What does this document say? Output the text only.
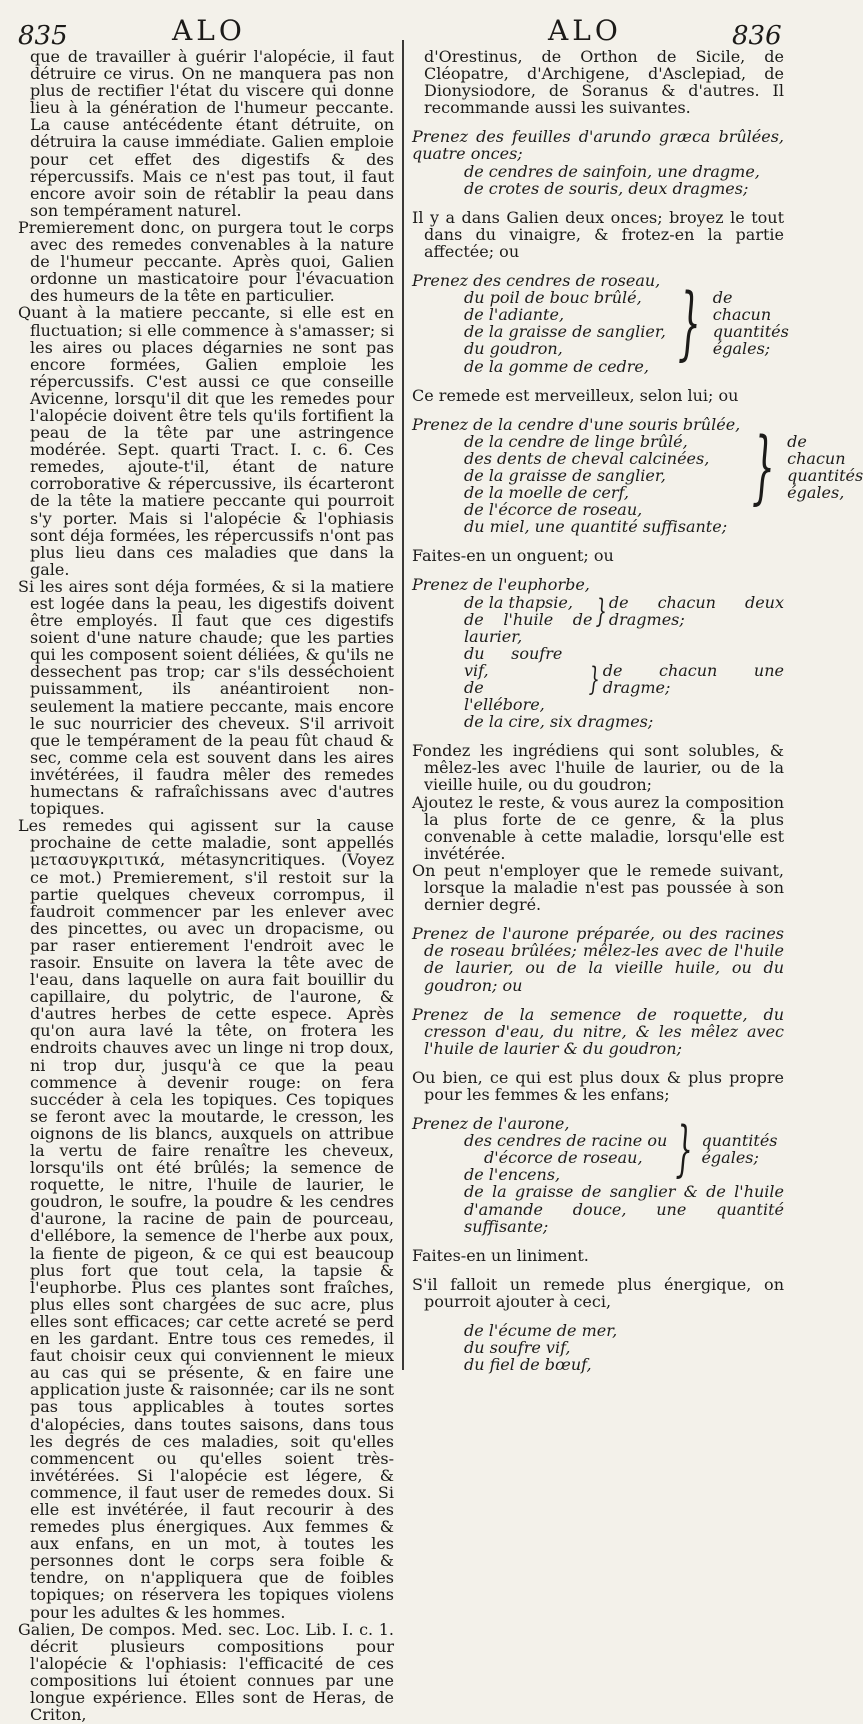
835	ALO	ALO	836

que de travailler à guérir l'alopécie, il faut détruire ce virus. On ne manquera pas non plus de rectifier l'état du viscere qui donne lieu à la génération de l'humeur peccante. La cause antécédente étant détruite, on détruira la cause immédiate. Galien emploie pour cet effet des digestifs & des répercussifs. Mais ce n'est pas tout, il faut encore avoir soin de rétablir la peau dans son tempérament naturel.

Premierement donc, on purgera tout le corps avec des remedes convenables à la nature de l'humeur peccante. Après quoi, Galien ordonne un masticatoire pour l'évacuation des humeurs de la tête en particulier.

Quant à la matiere peccante, si elle est en fluctuation; si elle commence à s'amasser; si les aires ou places dégarnies ne sont pas encore formées, Galien emploie les répercussifs. C'est aussi ce que conseille Avicenne, lorsqu'il dit que les remedes pour l'alopécie doivent être tels qu'ils fortifient la peau de la tête par une astringence modérée. Sept. quarti Tract. I. c. 6. Ces remedes, ajoute-t'il, étant de nature corroborative & répercussive, ils écarteront de la tête la matiere peccante qui pourroit s'y porter. Mais si l'alopécie & l'ophiasis sont déja formées, les répercussifs n'ont pas plus lieu dans ces maladies que dans la gale.

Si les aires sont déja formées, & si la matiere est logée dans la peau, les digestifs doivent être employés. Il faut que ces digestifs soient d'une nature chaude; que les parties qui les composent soient déliées, & qu'ils ne dessechent pas trop; car s'ils desséchoient puissamment, ils anéantiroient non-seulement la matiere peccante, mais encore le suc nourricier des cheveux. S'il arrivoit que le tempérament de la peau fût chaud & sec, comme cela est souvent dans les aires invétérées, il faudra mêler des remedes humectans & rafraîchissans avec d'autres topiques.

Les remedes qui agissent sur la cause prochaine de cette maladie, sont appellés μετασυγκριτικά, métasyncritiques. (Voyez ce mot.) Premierement, s'il restoit sur la partie quelques cheveux corrompus, il faudroit commencer par les enlever avec des pincettes, ou avec un dropacisme, ou par raser entierement l'endroit avec le rasoir. Ensuite on lavera la tête avec de l'eau, dans laquelle on aura fait bouillir du capillaire, du polytric, de l'aurone, & d'autres herbes de cette espece. Après qu'on aura lavé la tête, on frotera les endroits chauves avec un linge ni trop doux, ni trop dur, jusqu'à ce que la peau commence à devenir rouge: on fera succéder à cela les topiques. Ces topiques se feront avec la moutarde, le cresson, les oignons de lis blancs, auxquels on attribue la vertu de faire renaître les cheveux, lorsqu'ils ont été brûlés; la semence de roquette, le nitre, l'huile de laurier, le goudron, le soufre, la poudre & les cendres d'aurone, la racine de pain de pourceau, d'ellébore, la semence de l'herbe aux poux, la fiente de pigeon, & ce qui est beaucoup plus fort que tout cela, la tapsie & l'euphorbe. Plus ces plantes sont fraîches, plus elles sont chargées de suc acre, plus elles sont efficaces; car cette acreté se perd en les gardant. Entre tous ces remedes, il faut choisir ceux qui conviennent le mieux au cas qui se présente, & en faire une application juste & raisonnée; car ils ne sont pas tous applicables à toutes sortes d'alopécies, dans toutes saisons, dans tous les degrés de ces maladies, soit qu'elles commencent ou qu'elles soient très-invétérées. Si l'alopécie est légere, & commence, il faut user de remedes doux. Si elle est invétérée, il faut recourir à des remedes plus énergiques. Aux femmes & aux enfans, en un mot, à toutes les personnes dont le corps sera foible & tendre, on n'appliquera que de foibles topiques; on réservera les topiques violens pour les adultes & les hommes.

Galien, De compos. Med. sec. Loc. Lib. I. c. 1. décrit plusieurs compositions pour l'alopécie & l'ophiasis: l'efficacité de ces compositions lui étoient connues par une longue expérience. Elles sont de Heras, de Criton,

d'Orestinus, de Orthon de Sicile, de Cléopatre, d'Archigene, d'Asclepiad, de Dionysiodore, de Soranus & d'autres. Il recommande aussi les suivantes.

Prenez des feuilles d'arundo græca brûlées, quatre onces;
de cendres de sainfoin, une dragme,
de crotes de souris, deux dragmes;

Il y a dans Galien deux onces; broyez le tout dans du vinaigre, & frotez-en la partie affectée; ou

Prenez des cendres de roseau,
du poil de bouc brûlé,
de l'adiante,
de la graisse de sanglier,
du goudron,
de la gomme de cedre, } de chacun quantités égales;

Ce remede est merveilleux, selon lui; ou

Prenez de la cendre d'une souris brûlée,
de la cendre de linge brûlé,
des dents de cheval calcinées,
de la graisse de sanglier,
de la moelle de cerf,
de l'écorce de roseau,	} de chacun quantités égales,
du miel, une quantité suffisante;

Faites-en un onguent; ou

Prenez de l'euphorbe,
de la thapsie,
de l'huile de laurier,
} de chacun deux dragmes;
du soufre vif,
de l'ellébore,
} de chacun une dragme;
de la cire, six dragmes;

Fondez les ingrédiens qui sont solubles, & mêlez-les avec l'huile de laurier, ou de la vieille huile, ou du goudron;

Ajoutez le reste, & vous aurez la composition la plus forte de ce genre, & la plus convenable à cette maladie, lorsqu'elle est invétérée.

On peut n'employer que le remede suivant, lorsque la maladie n'est pas poussée à son dernier degré.

Prenez de l'aurone préparée, ou des racines de roseau brûlées; mêlez-les avec de l'huile de laurier, ou de la vieille huile, ou du goudron; ou

Prenez de la semence de roquette, du cresson d'eau, du nitre, & les mêlez avec l'huile de laurier & du goudron;

Ou bien, ce qui est plus doux & plus propre pour les femmes & les enfans;

Prenez de l'aurone,
des cendres de racine ou
d'écorce de roseau,
de l'encens,	} quantités égales;
de la graisse de sanglier & de l'huile d'amande douce, une quantité suffisante;

Faites-en un liniment.

S'il falloit un remede plus énergique, on pourroit ajouter à ceci,

de l'écume de mer,
du soufre vif,
du fiel de bœuf,
